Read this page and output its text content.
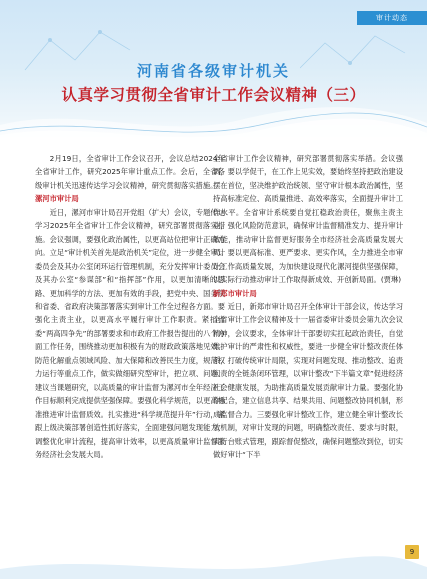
审计动态
河南省各级审计机关
认真学习贯彻全省审计工作会议精神（三）

2月19日，全省审计工作会议召开，会议总结2024年全省审计工作，研究2025年审计重点工作。会后，全省各级审计机关迅速传达学习会议精神，研究贯彻落实措施。

漯河市审计局

近日，漯河市审计局召开党组（扩大）会议，专题传达学习2025年全省审计工作会议精神，研究部署贯彻落实措施。会议强调，要强化政治属性，以更高站位把审计正确方向。立足“审计机关首先是政治机关”定位，进一步健全审计委员会及其办公室闭环运行管理机制，充分发挥审计委员会及其办公室“参谋部”和“指挥部”作用，以更加清晰的思路、更加科学的方法、更加有效的手段，把党中央、国务院和省委、省政府决策部署落实到审计工作全过程各方面。要强化主责主业，以更高水平履行审计工作职责。紧扣省委“两高四争先”的部署要求和市政府工作报告提出的八个方面工作任务，围绕推动更加积极有为的财政政策落地见效、防范化解重点领域风险、加大保障和改善民生力度，规范权力运行等重点工作，做实做细研究型审计，把立项、问题、建议当课题研究，以高质量的审计监督为漯河市全年经济工作目标顺利完成提供坚强保障。要强化科学规范，以更高标准推进审计监督质效。扎实推进“科学规范提升年”行动，紧跟上级决策部署创造性抓好落实，全面建强问题发现能力，调整优化审计流程，提高审计效率，以更高质量审计监督服务经济社会发展大局。

全省审计工作会议精神，研究部署贯彻落实举措。会议强调，要以学促干，在工作上见实效，要始终坚持把政治建设摆在首位，坚决维护政治统领、坚守审计根本政治属性，坚持高标准定位、高质量推进、高效率落实，全面提升审计工作水平。全省审计系统要自觉扛稳政治责任，聚焦主责主业，强化风险防范意识，确保审计监督精准发力、提升审计效能，推动审计监督更好服务全市经济社会高质量发展大局。要以更高标准、更严要求、更实作风，全力推进全市审计工作高质量发展，为加快建设现代化漯河提供坚强保障，以实际行动推动审计工作取得新成效、开创新局面。(贾琳)

新郑市审计局

近日，新郑市审计局召开全体审计干部会议，传达学习全省审计工作会议精神及十一届省委审计委员会第九次会议精神，会议要求，全体审计干部要切实扛起政治责任，自觉维护审计的严肃性和权威性，要进一步健全审计整改责任体系，打破传统审计局限，实现对问题发现、推动整改、追责问责的全链条闭环管理，以审计整改“下半篇文章”促进经济社会健康发展，为助推高质量发展贡献审计力量。要强化协作配合，建立信息共享、结果共用、问题整改协同机制，形成监督合力。三要强化审计整改工作，建立健全审计整改长效机制，对审计发现的问题，明确整改责任、要求与时限，实行台账式管理，跟踪督促整改，确保问题整改到位，切实做好审计“下半

9
